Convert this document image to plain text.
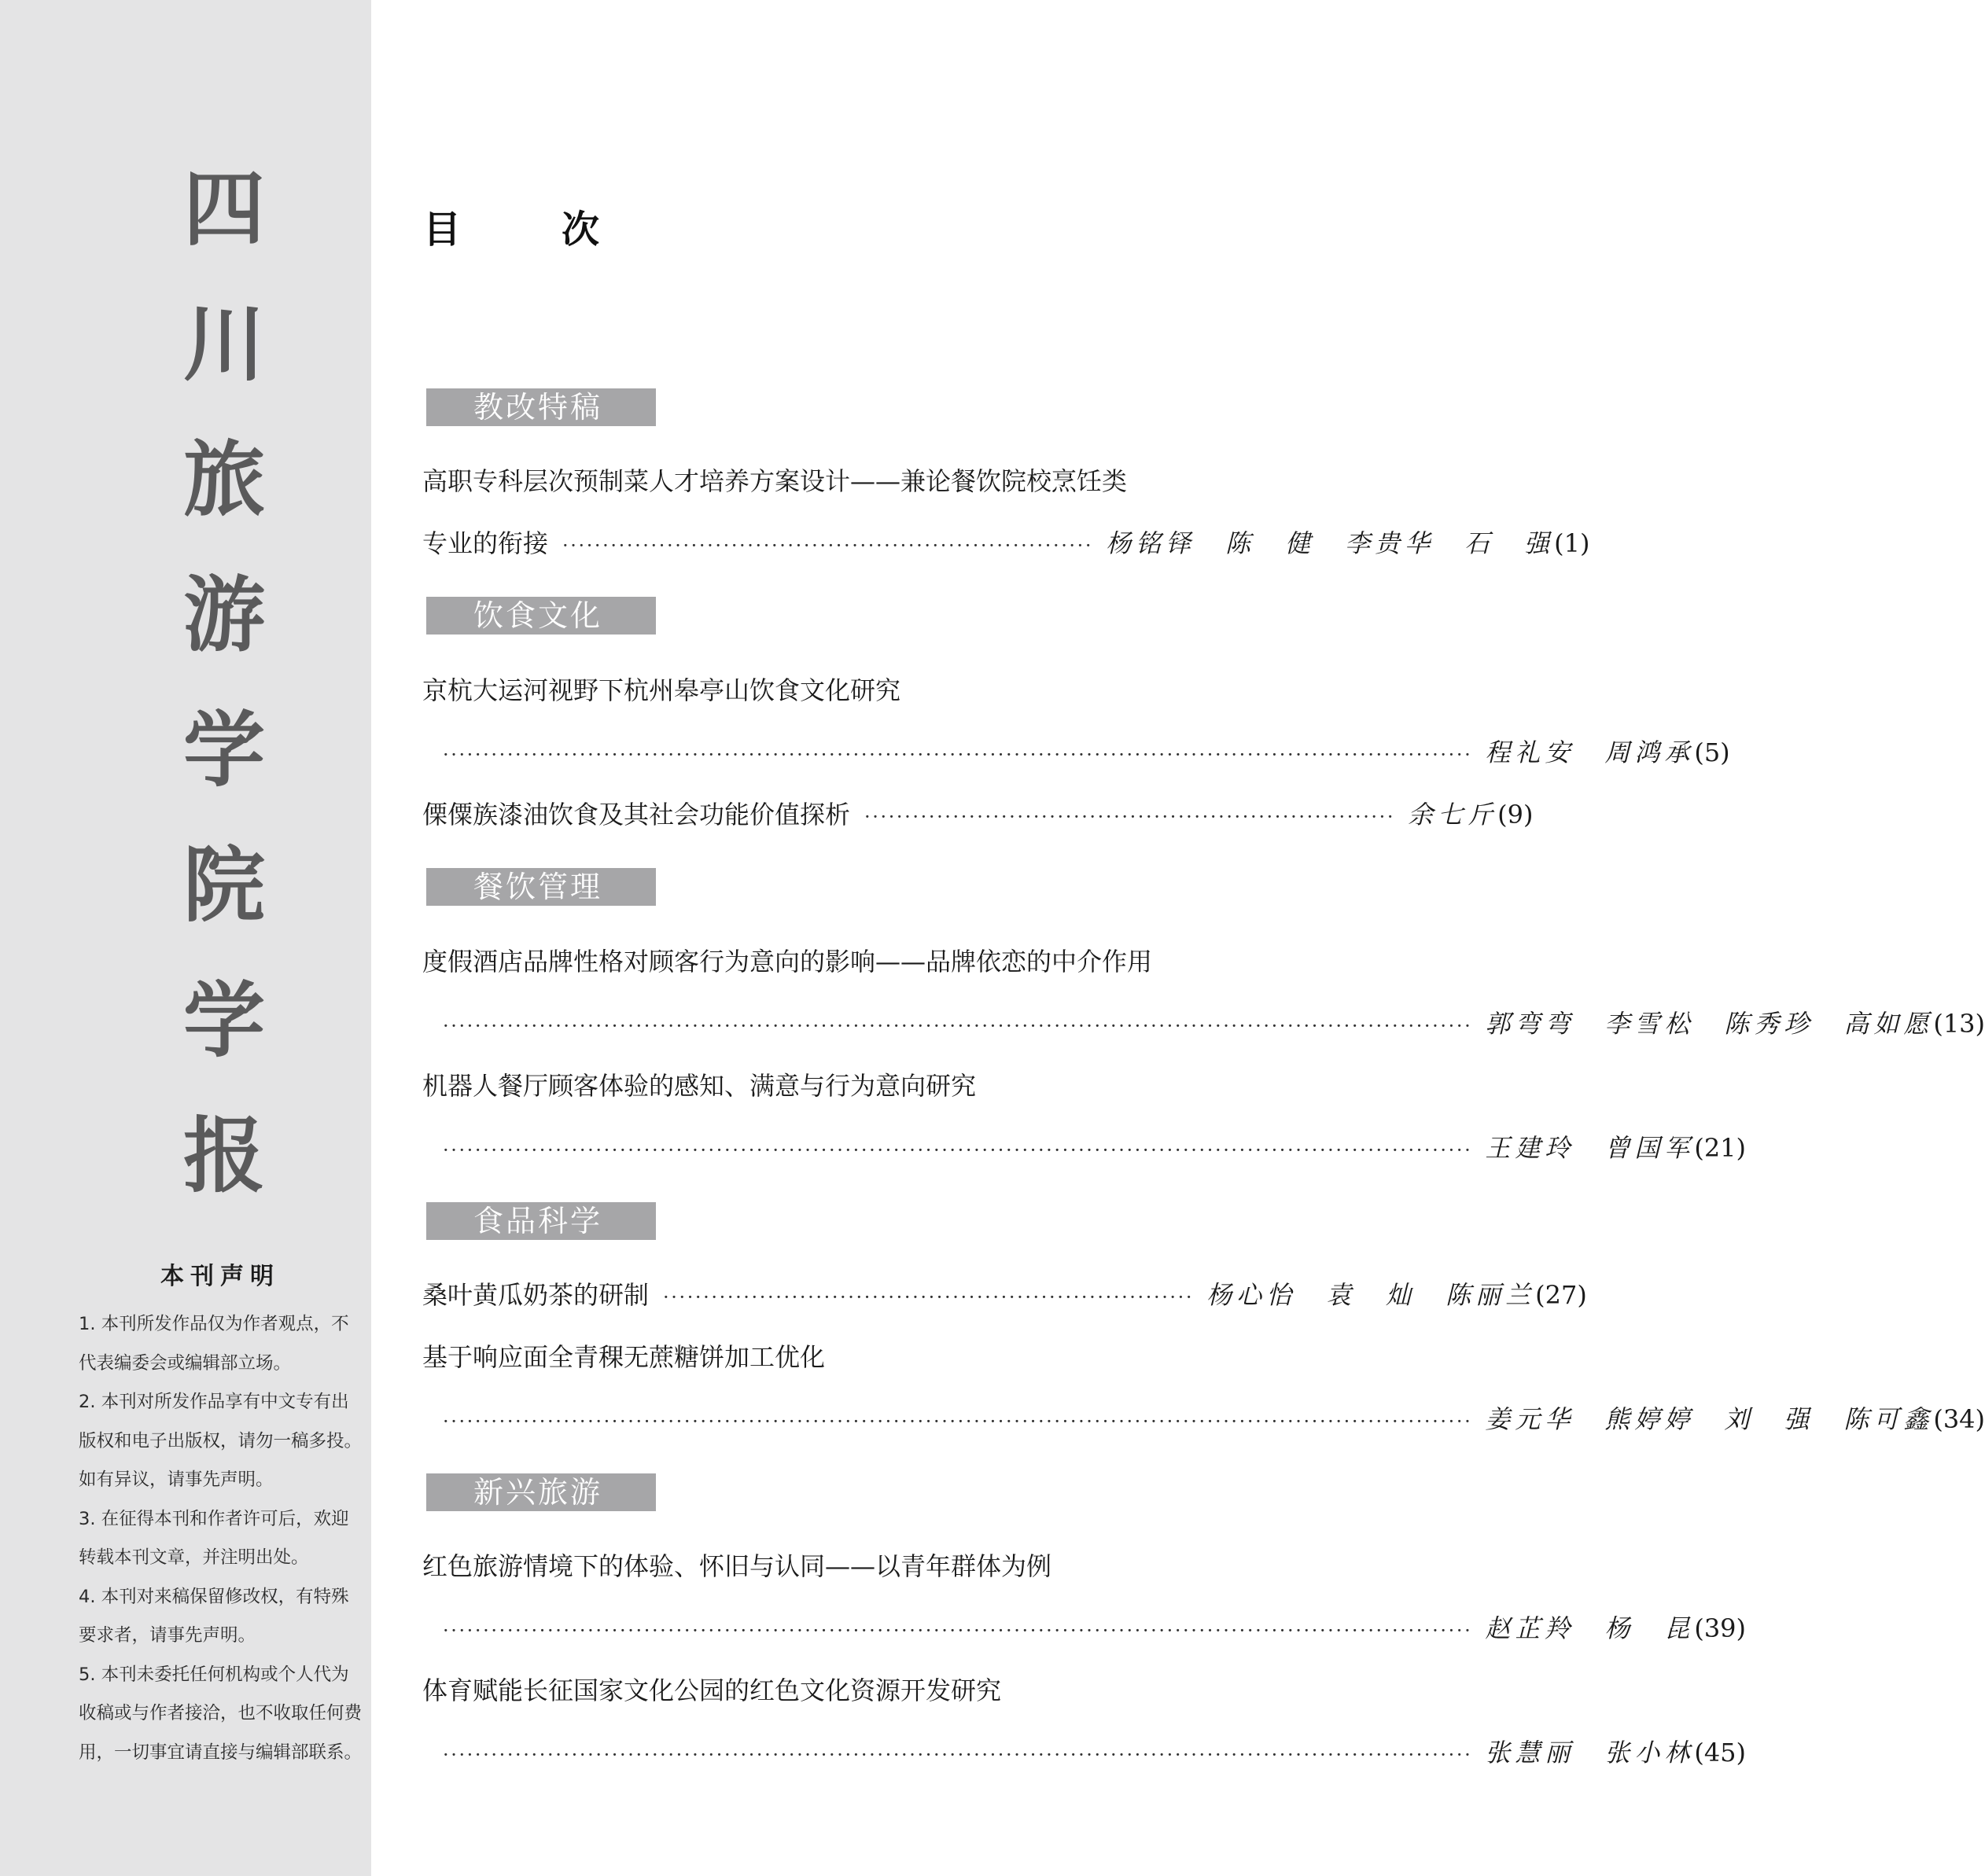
四
川
旅
游
学
院
学
报
本刊声明

1. 本刊所发作品仅为作者观点，不代表编委会或编辑部立场。

2. 本刊对所发作品享有中文专有出版权和电子出版权，请勿一稿多投。如有异议，请事先声明。

3. 在征得本刊和作者许可后，欢迎转载本刊文章，并注明出处。

4. 本刊对来稿保留修改权，有特殊要求者，请事先声明。

5. 本刊未委托任何机构或个人代为收稿或与作者接洽，也不收取任何费用，一切事宜请直接与编辑部联系。

目	次
教改特稿
高职专科层次预制菜人才培养方案设计——兼论餐饮院校烹饪类
专业的衔接 ·································································· 杨铭铎　陈　健　李贵华　石　强 (1)
饮食文化
京杭大运河视野下杭州皋亭山饮食文化研究
································································································································ 程礼安　周鸿承 (5)
傈僳族漆油饮食及其社会功能价值探析 ·································································· 余七斤 (9)
餐饮管理
度假酒店品牌性格对顾客行为意向的影响——品牌依恋的中介作用
································································································································ 郭弯弯　李雪松　陈秀珍　高如愿 (13)
机器人餐厅顾客体验的感知、满意与行为意向研究
································································································································ 王建玲　曾国军 (21)
食品科学
桑叶黄瓜奶茶的研制 ·································································· 杨心怡　袁　灿　陈丽兰 (27)
基于响应面全青稞无蔗糖饼加工优化
································································································································ 姜元华　熊婷婷　刘　强　陈可鑫 (34)
新兴旅游
红色旅游情境下的体验、怀旧与认同——以青年群体为例
································································································································ 赵芷羚　杨　昆 (39)
体育赋能长征国家文化公园的红色文化资源开发研究
································································································································ 张慧丽　张小林 (45)
